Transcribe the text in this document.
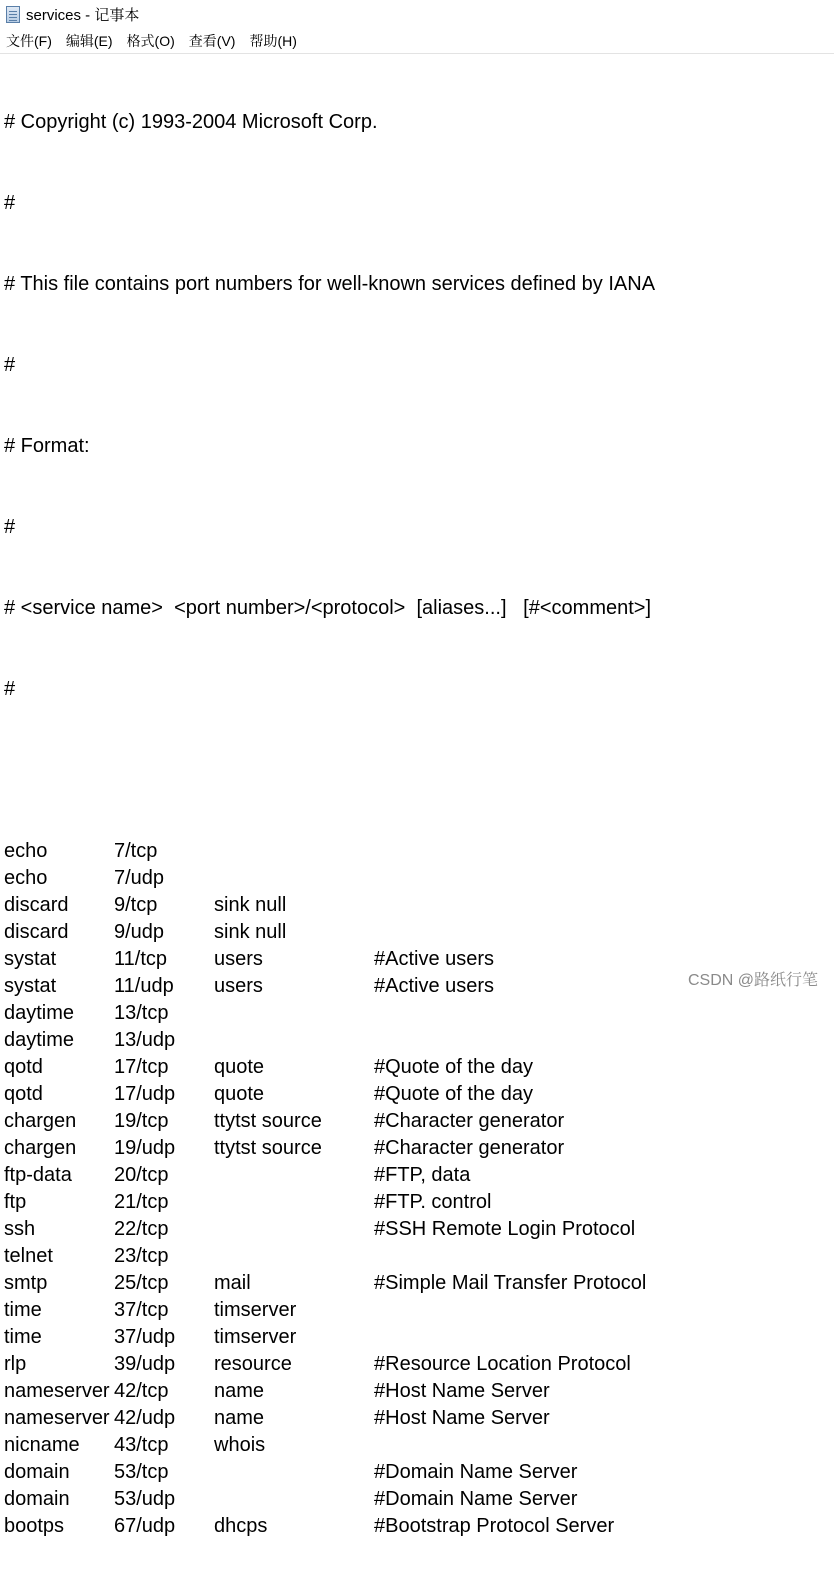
services - 记事本
文件(F) 编辑(E) 格式(O) 查看(V) 帮助(H)

# Copyright (c) 1993-2004 Microsoft Corp.

#

# This file contains port numbers for well-known services defined by IANA

#

# Format:

#

# <service name>  <port number>/<protocol>  [aliases...]   [#<comment>]

#

echo	7/tcp
echo	7/udp
discard 9/tcp	sink null
discard 9/udp sink null
systat	11/tcp users	#Active users
systat	11/udp users	#Active users
daytime 13/tcp
daytime 13/udp
qotd	17/tcp quote	#Quote of the day
qotd	17/udp quote	#Quote of the day
chargen 19/tcp ttytst source	#Character generator
chargen 19/udp ttytst source	#Character generator
ftp-data 20/tcp	#FTP, data
ftp	21/tcp	#FTP. control
ssh	22/tcp	#SSH Remote Login Protocol
telnet	23/tcp
smtp	25/tcp mail	#Simple Mail Transfer Protocol
time	37/tcp timserver
time	37/udp timserver
rlp	39/udp resource	#Resource Location Protocol
nameserver 42/tcp name	#Host Name Server
nameserver 42/udp name	#Host Name Server
nicname 43/tcp whois
domain 53/tcp	#Domain Name Server
domain 53/udp	#Domain Name Server
bootps 67/udp dhcps	#Bootstrap Protocol Server

CSDN @路纸行笔
